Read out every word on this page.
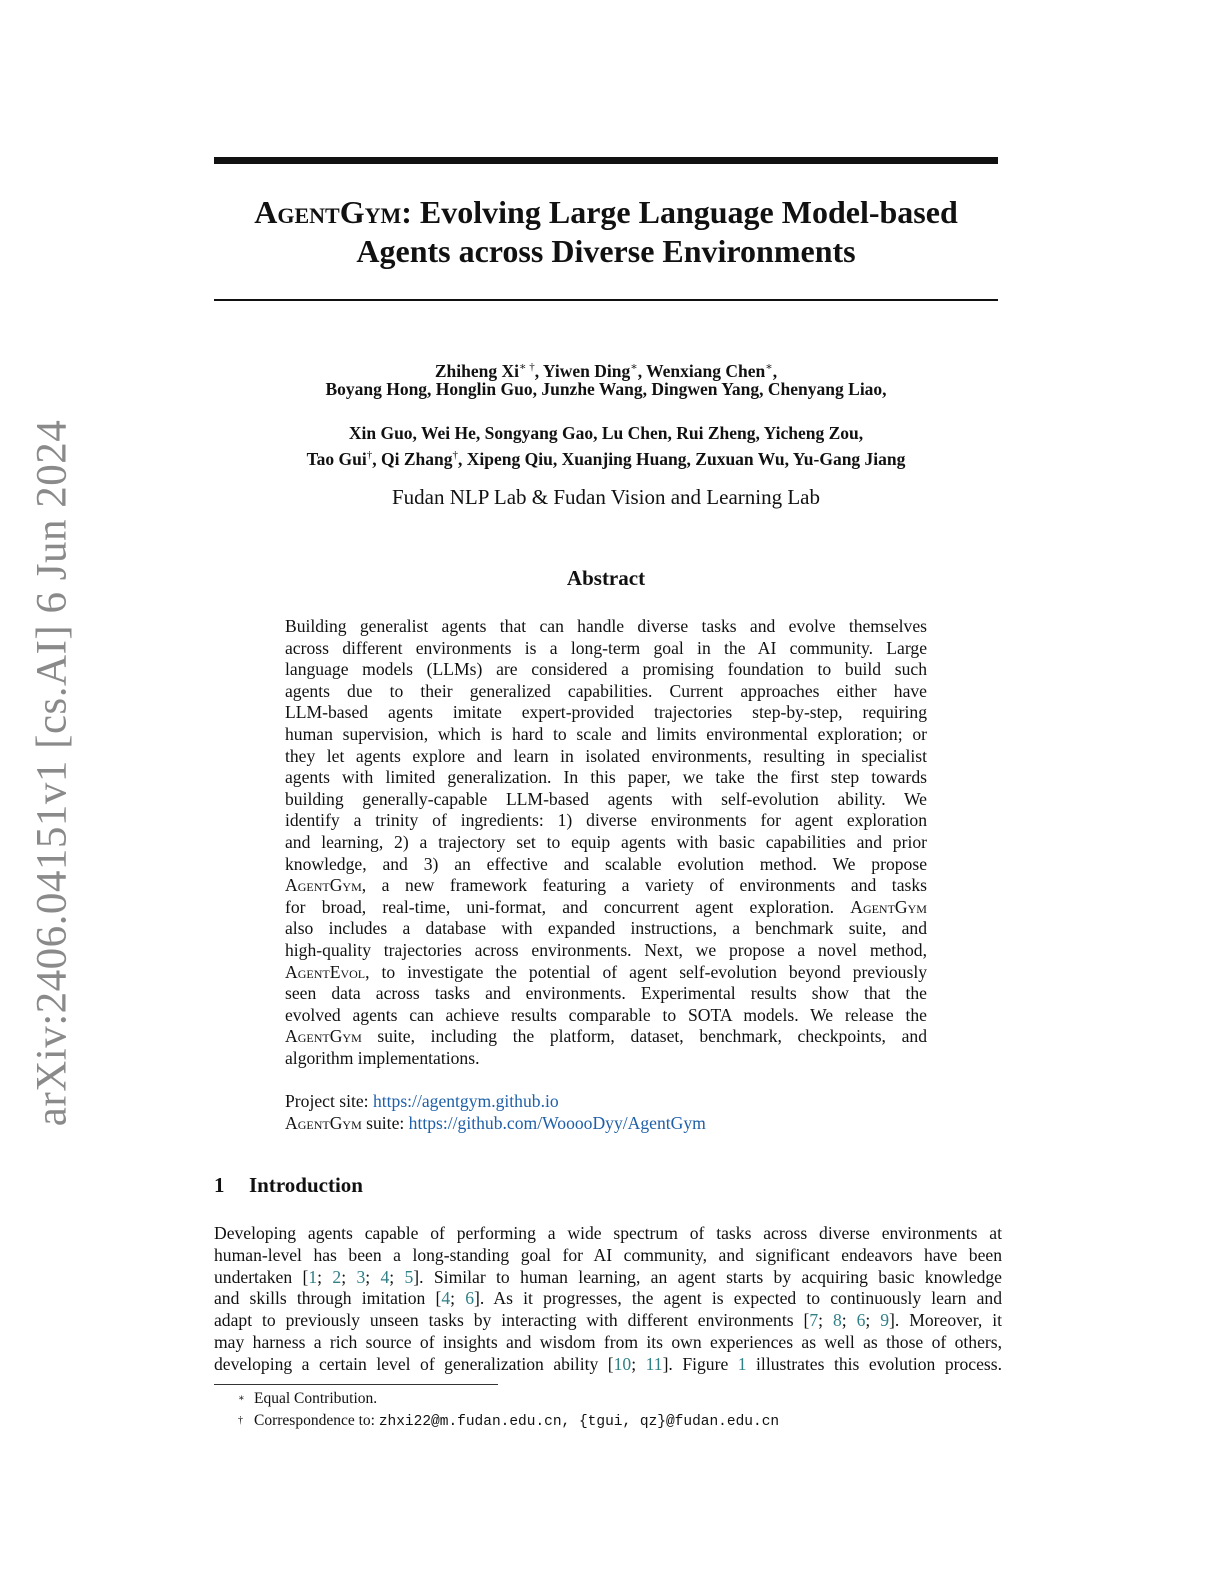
arXiv:2406.04151v1 [cs.AI] 6 Jun 2024
AgentGym: Evolving Large Language Model-based
Agents across Diverse Environments
Zhiheng Xi∗ †, Yiwen Ding∗, Wenxiang Chen∗,
Boyang Hong, Honglin Guo, Junzhe Wang, Dingwen Yang, Chenyang Liao,
Xin Guo, Wei He, Songyang Gao, Lu Chen, Rui Zheng, Yicheng Zou,
Tao Gui†, Qi Zhang†, Xipeng Qiu, Xuanjing Huang, Zuxuan Wu, Yu-Gang Jiang
Fudan NLP Lab & Fudan Vision and Learning Lab
Abstract
Building generalist agents that can handle diverse tasks and evolve themselves
across different environments is a long-term goal in the AI community. Large
language models (LLMs) are considered a promising foundation to build such
agents due to their generalized capabilities. Current approaches either have
LLM-based agents imitate expert-provided trajectories step-by-step, requiring
human supervision, which is hard to scale and limits environmental exploration; or
they let agents explore and learn in isolated environments, resulting in specialist
agents with limited generalization. In this paper, we take the first step towards
building generally-capable LLM-based agents with self-evolution ability. We
identify a trinity of ingredients: 1) diverse environments for agent exploration
and learning, 2) a trajectory set to equip agents with basic capabilities and prior
knowledge, and 3) an effective and scalable evolution method. We propose
AgentGym, a new framework featuring a variety of environments and tasks
for broad, real-time, uni-format, and concurrent agent exploration. AgentGym
also includes a database with expanded instructions, a benchmark suite, and
high-quality trajectories across environments. Next, we propose a novel method,
AgentEvol, to investigate the potential of agent self-evolution beyond previously
seen data across tasks and environments. Experimental results show that the
evolved agents can achieve results comparable to SOTA models. We release the
AgentGym suite, including the platform, dataset, benchmark, checkpoints, and
algorithm implementations.
Project site: https://agentgym.github.io
AgentGym suite: https://github.com/WooooDyy/AgentGym
1 Introduction
Developing agents capable of performing a wide spectrum of tasks across diverse environments at
human-level has been a long-standing goal for AI community, and significant endeavors have been
undertaken [1; 2; 3; 4; 5]. Similar to human learning, an agent starts by acquiring basic knowledge
and skills through imitation [4; 6]. As it progresses, the agent is expected to continuously learn and
adapt to previously unseen tasks by interacting with different environments [7; 8; 6; 9]. Moreover, it
may harness a rich source of insights and wisdom from its own experiences as well as those of others,
developing a certain level of generalization ability [10; 11]. Figure 1 illustrates this evolution process.
∗ Equal Contribution.
† Correspondence to: zhxi22@m.fudan.edu.cn, {tgui, qz}@fudan.edu.cn
